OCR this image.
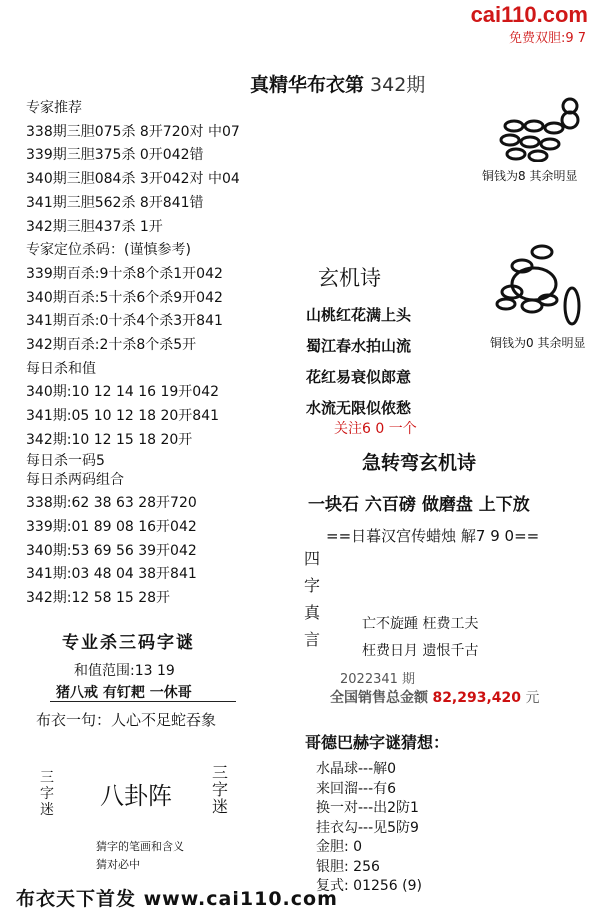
cai110.com
免费双胆:9 7
真精华布衣第 342期
专家推荐
338期三胆075杀 8开720对 中07
339期三胆375杀 0开042错
340期三胆084杀 3开042对 中04
341期三胆562杀 8开841错
342期三胆437杀 1开
专家定位杀码：(谨慎参考)
339期百杀:9十杀8个杀1开042
340期百杀:5十杀6个杀9开042
341期百杀:0十杀4个杀3开841
342期百杀:2十杀8个杀5开
每日杀和值
340期:10 12 14 16 19开042
341期:05 10 12 18 20开841
342期:10 12 15 18 20开
每日杀一码5
每日杀两码组合
338期:62 38 63 28开720
339期:01 89 08 16开042
340期:53 69 56 39开042
341期:03 48 04 38开841
342期:12 58 15 28开
铜钱为8 其余明显
铜钱为0 其余明显
玄机诗
山桃红花满上头
蜀江春水拍山流
花红易衰似郎意
水流无限似侬愁
关注6 0 一个
急转弯玄机诗
一块石 六百磅 做磨盘 上下放
==日暮汉宫传蜡烛 解7 9 0==
四
字
真
言
亡不旋踵 枉费工夫
枉费日月 遗恨千古
2022341 期
全国销售总金额 82,293,420 元
专业杀三码字谜
和值范围:13 19
猪八戒 有钉耙 一休哥
布衣一句：人心不足蛇吞象
三字迷 八卦阵
三字迷
猜字的笔画和含义
猜对必中
哥德巴赫字谜猜想：
水晶球---解0
来回溜---有6
换一对---出2防1
挂衣勾---见5防9
金胆: 0
银胆: 256
复式: 01256 (9)
布衣天下首发 www.cai110.com
